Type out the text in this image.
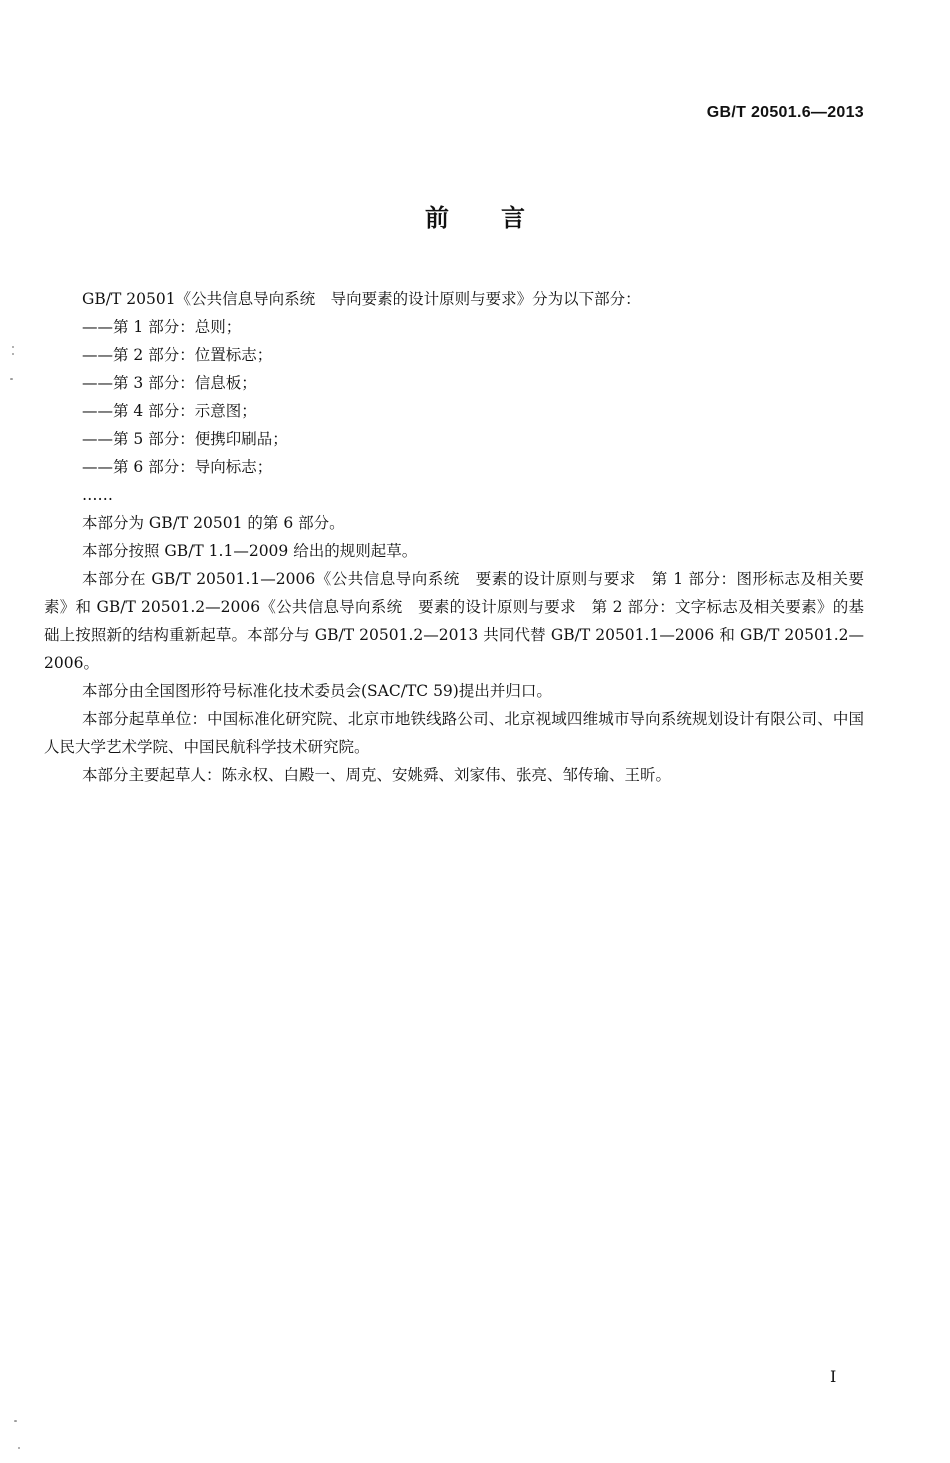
GB/T 20501.6—2013
前 言
GB/T 20501《公共信息导向系统　导向要素的设计原则与要求》分为以下部分：
——第 1 部分：总则；
——第 2 部分：位置标志；
——第 3 部分：信息板；
——第 4 部分：示意图；
——第 5 部分：便携印刷品；
——第 6 部分：导向标志；
……
本部分为 GB/T 20501 的第 6 部分。
本部分按照 GB/T 1.1—2009 给出的规则起草。
本部分在 GB/T 20501.1—2006《公共信息导向系统　要素的设计原则与要求　第 1 部分：图形标志及相关要素》和 GB/T 20501.2—2006《公共信息导向系统　要素的设计原则与要求　第 2 部分：文字标志及相关要素》的基础上按照新的结构重新起草。本部分与 GB/T 20501.2—2013 共同代替 GB/T 20501.1—2006 和 GB/T 20501.2—2006。
本部分由全国图形符号标准化技术委员会(SAC/TC 59)提出并归口。
本部分起草单位：中国标准化研究院、北京市地铁线路公司、北京视域四维城市导向系统规划设计有限公司、中国人民大学艺术学院、中国民航科学技术研究院。
本部分主要起草人：陈永权、白殿一、周克、安姚舜、刘家伟、张亮、邹传瑜、王昕。
I
